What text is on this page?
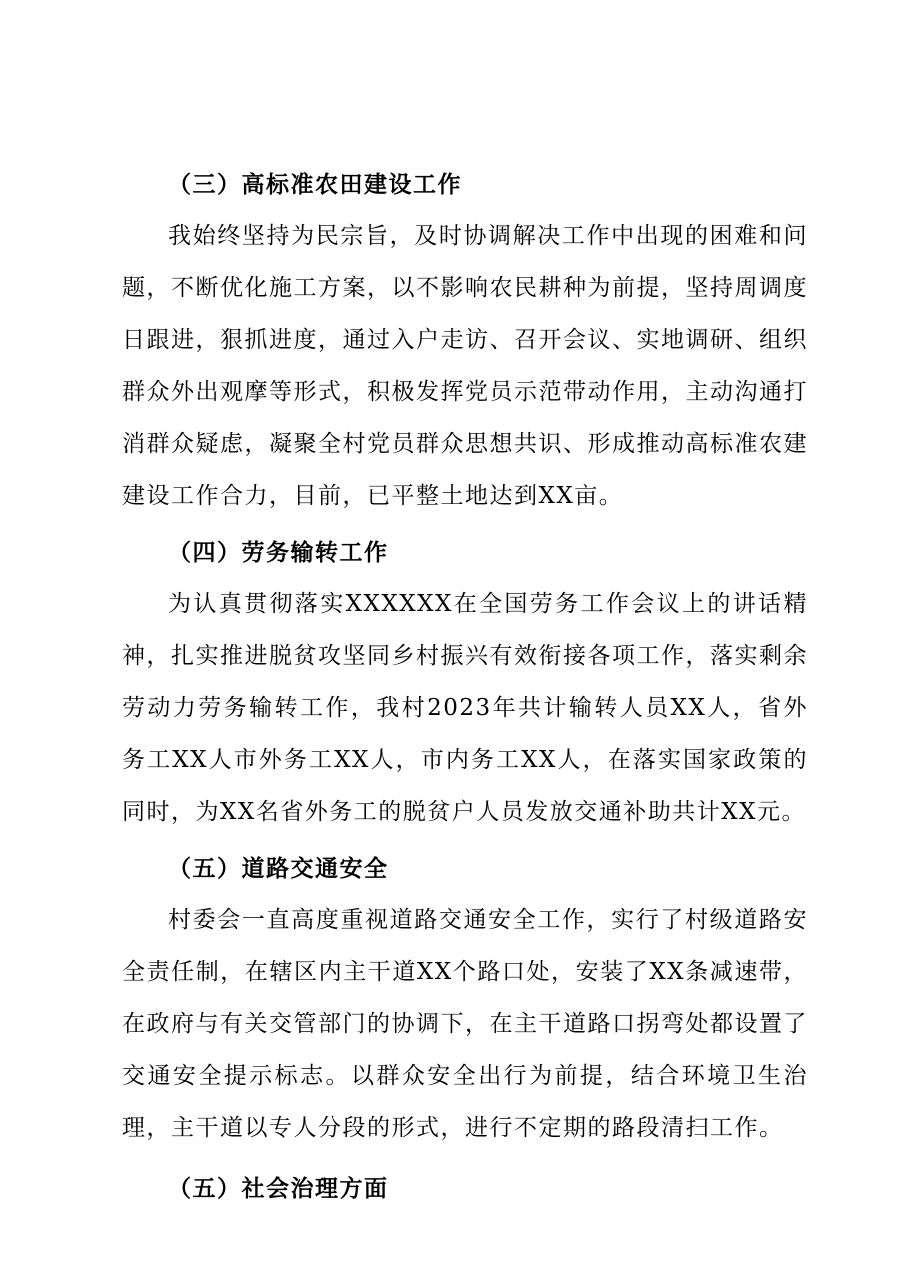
（三）高标准农田建设工作

我始终坚持为民宗旨，及时协调解决工作中出现的困难和问题，不断优化施工方案，以不影响农民耕种为前提，坚持周调度日跟进，狠抓进度，通过入户走访、召开会议、实地调研、组织群众外出观摩等形式，积极发挥党员示范带动作用，主动沟通打消群众疑虑，凝聚全村党员群众思想共识、形成推动高标准农建建设工作合力，目前，已平整土地达到XX亩。

（四）劳务输转工作

为认真贯彻落实XXXXXX在全国劳务工作会议上的讲话精神，扎实推进脱贫攻坚同乡村振兴有效衔接各项工作，落实剩余劳动力劳务输转工作，我村2023年共计输转人员XX人，省外务工XX人市外务工XX人，市内务工XX人，在落实国家政策的同时，为XX名省外务工的脱贫户人员发放交通补助共计XX元。

（五）道路交通安全

村委会一直高度重视道路交通安全工作，实行了村级道路安全责任制，在辖区内主干道XX个路口处，安装了XX条减速带，在政府与有关交管部门的协调下，在主干道路口拐弯处都设置了交通安全提示标志。以群众安全出行为前提，结合环境卫生治理，主干道以专人分段的形式，进行不定期的路段清扫工作。

（五）社会治理方面
